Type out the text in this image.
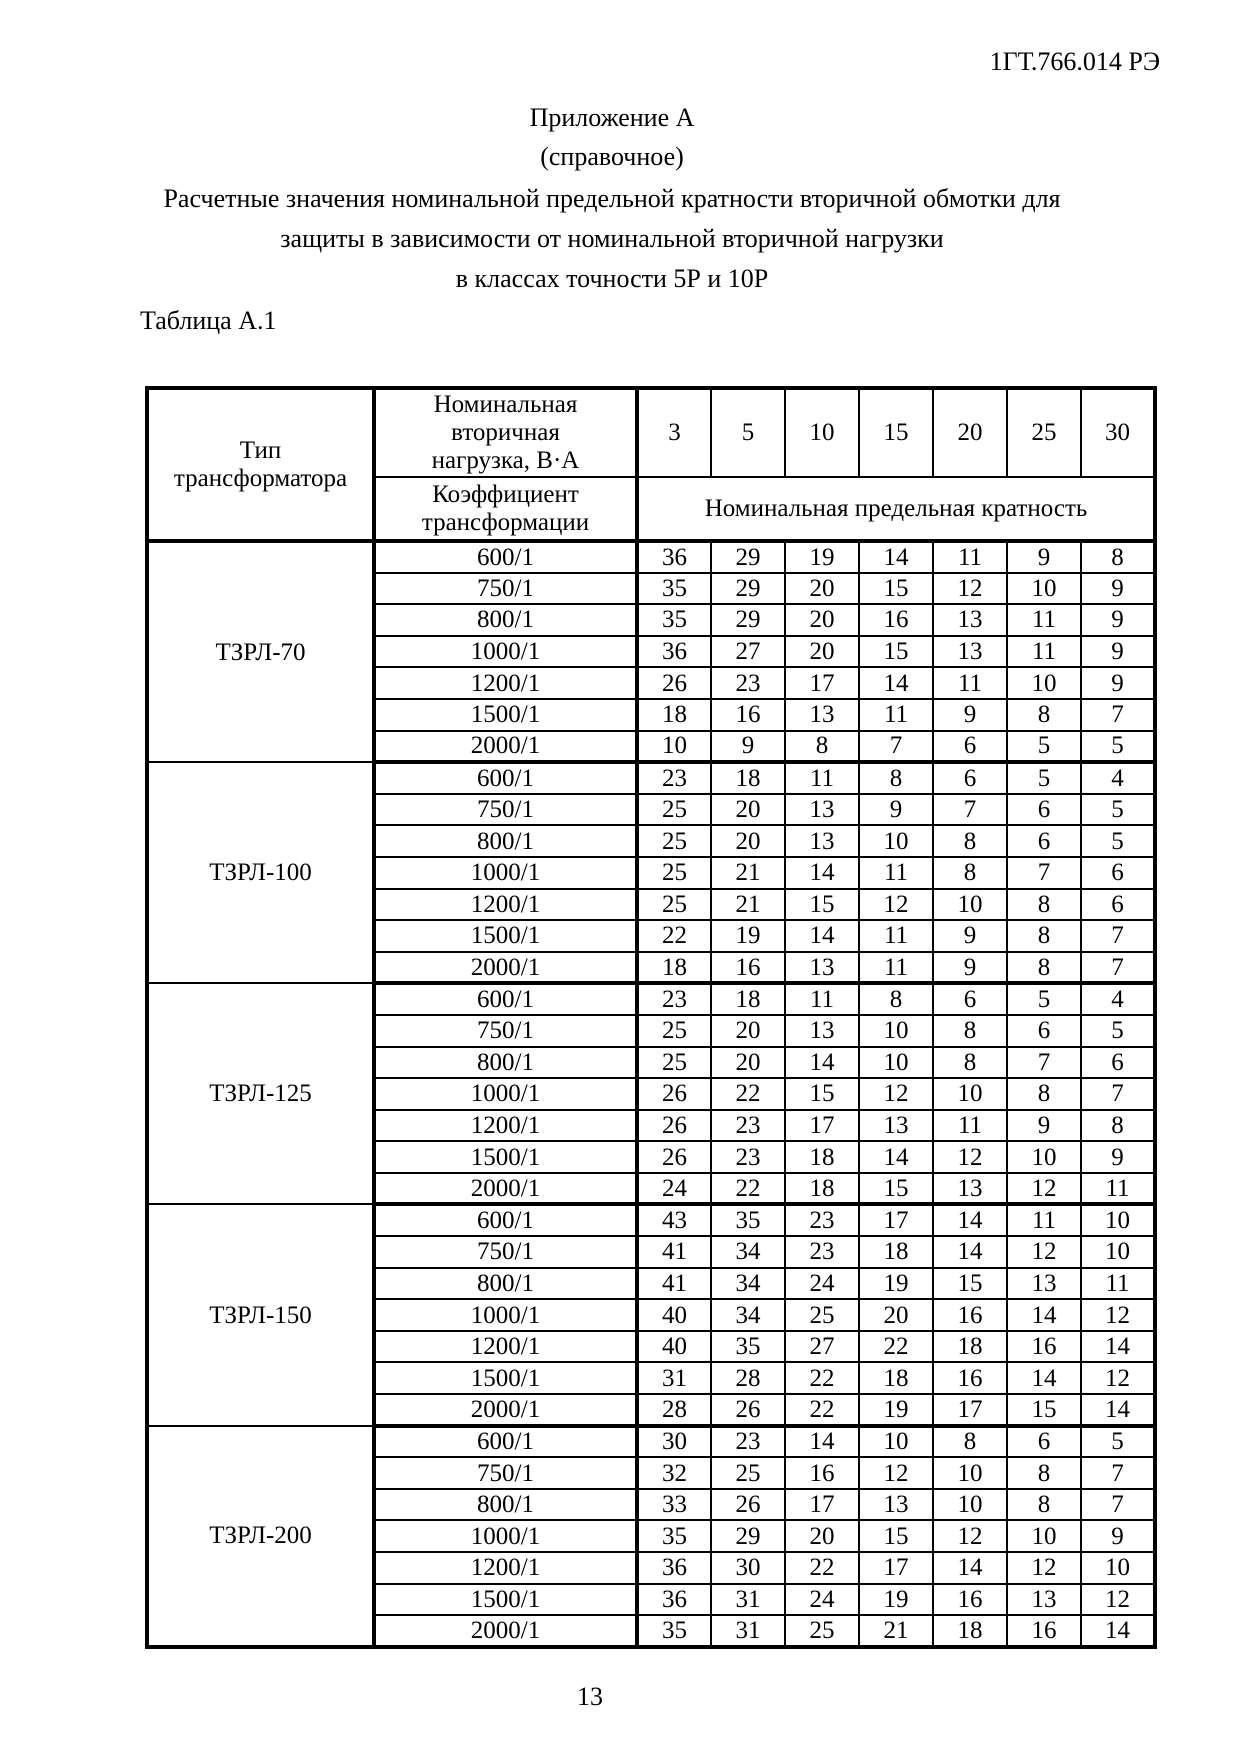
1ГТ.766.014 РЭ
Приложение А
(справочное)
Расчетные значения номинальной предельной кратности вторичной обмотки для
защиты в зависимости от номинальной вторичной нагрузки
в классах точности 5Р и 10Р
Таблица А.1
Тип трансформатора	Номинальная вторичная нагрузка, В·А	3	5	10	15	20	25	30
	Коэффициент трансформации	Номинальная предельная кратность						
ТЗРЛ-70	600/1	36	29	19	14	11	9	8
	750/1	35	29	20	15	12	10	9
	800/1	35	29	20	16	13	11	9
	1000/1	36	27	20	15	13	11	9
	1200/1	26	23	17	14	11	10	9
	1500/1	18	16	13	11	9	8	7
	2000/1	10	9	8	7	6	5	5
ТЗРЛ-100	600/1	23	18	11	8	6	5	4
	750/1	25	20	13	9	7	6	5
	800/1	25	20	13	10	8	6	5
	1000/1	25	21	14	11	8	7	6
	1200/1	25	21	15	12	10	8	6
	1500/1	22	19	14	11	9	8	7
	2000/1	18	16	13	11	9	8	7
ТЗРЛ-125	600/1	23	18	11	8	6	5	4
	750/1	25	20	13	10	8	6	5
	800/1	25	20	14	10	8	7	6
	1000/1	26	22	15	12	10	8	7
	1200/1	26	23	17	13	11	9	8
	1500/1	26	23	18	14	12	10	9
	2000/1	24	22	18	15	13	12	11
ТЗРЛ-150	600/1	43	35	23	17	14	11	10
	750/1	41	34	23	18	14	12	10
	800/1	41	34	24	19	15	13	11
	1000/1	40	34	25	20	16	14	12
	1200/1	40	35	27	22	18	16	14
	1500/1	31	28	22	18	16	14	12
	2000/1	28	26	22	19	17	15	14
ТЗРЛ-200	600/1	30	23	14	10	8	6	5
	750/1	32	25	16	12	10	8	7
	800/1	33	26	17	13	10	8	7
	1000/1	35	29	20	15	12	10	9
	1200/1	36	30	22	17	14	12	10
	1500/1	36	31	24	19	16	13	12
	2000/1	35	31	25	21	18	16	14
13
